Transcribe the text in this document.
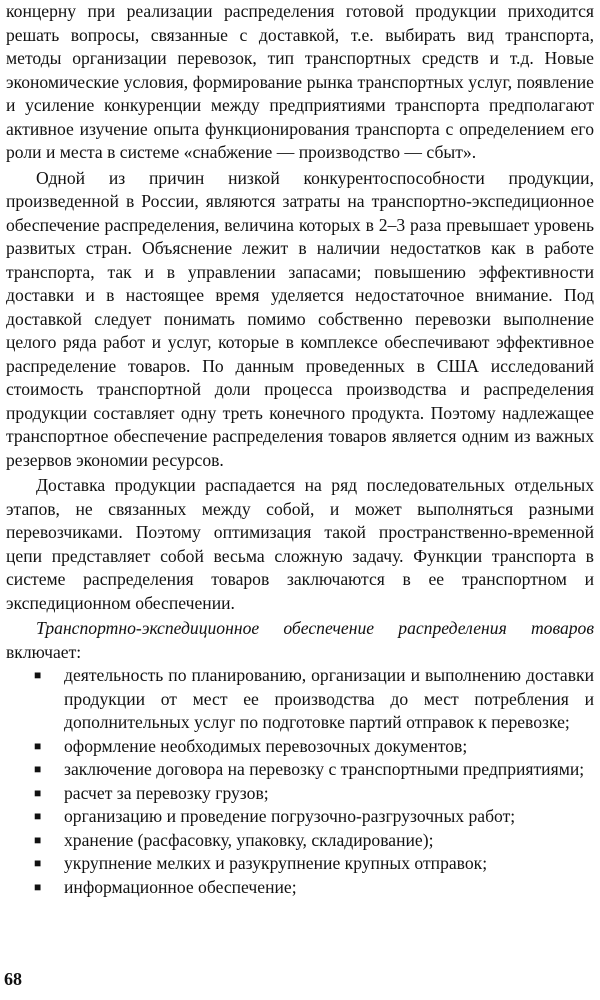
концерну при реализации распределения готовой продукции приходится решать вопросы, связанные с доставкой, т.е. выбирать вид транспорта, методы организации перевозок, тип транспортных средств и т.д. Новые экономические условия, формирование рынка транспортных услуг, появление и усиление конкуренции между предприятиями транспорта предполагают активное изучение опыта функционирования транспорта с определением его роли и места в системе «снабжение — производство — сбыт».

Одной из причин низкой конкурентоспособности продукции, произведенной в России, являются затраты на транспортно-экспедиционное обеспечение распределения, величина которых в 2–3 раза превышает уровень развитых стран. Объяснение лежит в наличии недостатков как в работе транспорта, так и в управлении запасами; повышению эффективности доставки и в настоящее время уделяется недостаточное внимание. Под доставкой следует понимать помимо собственно перевозки выполнение целого ряда работ и услуг, которые в комплексе обеспечивают эффективное распределение товаров. По данным проведенных в США исследований стоимость транспортной доли процесса производства и распределения продукции составляет одну треть конечного продукта. Поэтому надлежащее транспортное обеспечение распределения товаров является одним из важных резервов экономии ресурсов.

Доставка продукции распадается на ряд последовательных отдельных этапов, не связанных между собой, и может выполняться разными перевозчиками. Поэтому оптимизация такой пространственно-временной цепи представляет собой весьма сложную задачу. Функции транспорта в системе распределения товаров заключаются в ее транспортном и экспедиционном обеспечении.

Транспортно-экспедиционное обеспечение распределения товаров включает:

■ деятельность по планированию, организации и выполнению доставки продукции от мест ее производства до мест потребления и дополнительных услуг по подготовке партий отправок к перевозке;
■ оформление необходимых перевозочных документов;
■ заключение договора на перевозку с транспортными предприятиями;
■ расчет за перевозку грузов;
■ организацию и проведение погрузочно-разгрузочных работ;
■ хранение (расфасовку, упаковку, складирование);
■ укрупнение мелких и разукрупнение крупных отправок;
■ информационное обеспечение;
68
